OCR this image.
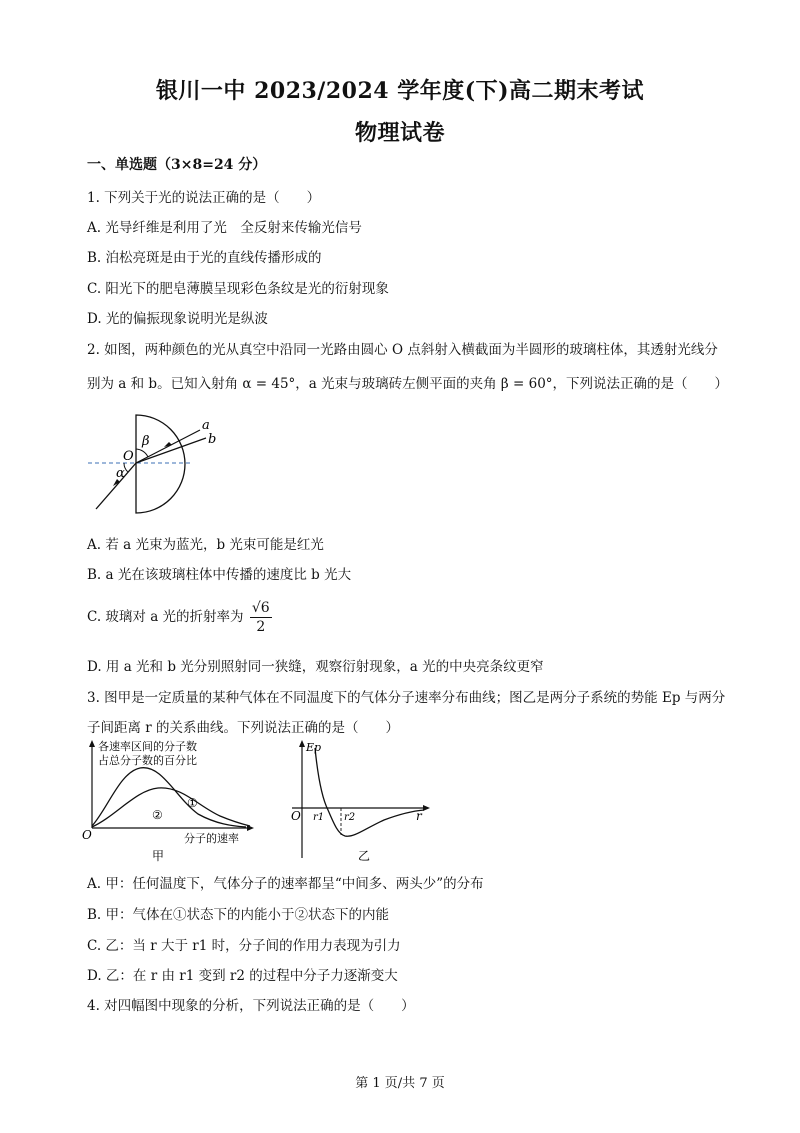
银川一中 2023/2024 学年度(下)高二期末考试
物理试卷
一、单选题（3×8=24 分）
1. 下列关于光的说法正确的是（　　）
A. 光导纤维是利用了光　全反射来传输光信号
B. 泊松亮斑是由于光的直线传播形成的
C. 阳光下的肥皂薄膜呈现彩色条纹是光的衍射现象
D. 光的偏振现象说明光是纵波
2. 如图，两种颜色的光从真空中沿同一光路由圆心 O 点斜射入横截面为半圆形的玻璃柱体，其透射光线分
别为 a 和 b。已知入射角 α = 45°，a 光束与玻璃砖左侧平面的夹角 β = 60°，下列说法正确的是（　　）
O
β
α
a
b
A. 若 a 光束为蓝光，b 光束可能是红光
B. a 光在该玻璃柱体中传播的速度比 b 光大
C. 玻璃对 a 光的折射率为 $\frac{√6}{2}$
D. 用 a 光和 b 光分别照射同一狭缝，观察衍射现象，a 光的中央亮条纹更窄
3. 图甲是一定质量的某种气体在不同温度下的气体分子速率分布曲线；图乙是两分子系统的势能 Ep 与两分
子间距离 r 的关系曲线。下列说法正确的是（　　）
各速率区间的分子数
占总分子数的百分比
O	分子的速率
①
②
甲
Ep
O r1 r2	r
乙
A. 甲：任何温度下，气体分子的速率都呈“中间多、两头少”的分布
B. 甲：气体在①状态下的内能小于②状态下的内能
C. 乙：当 r 大于 r1 时，分子间的作用力表现为引力
D. 乙：在 r 由 r1 变到 r2 的过程中分子力逐渐变大
4. 对四幅图中现象的分析，下列说法正确的是（　　）
第 1 页/共 7 页
